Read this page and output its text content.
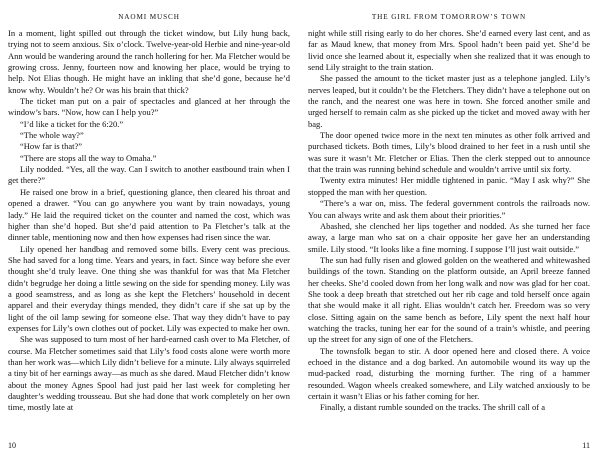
NAOMI MUSCH

In a moment, light spilled out through the ticket window, but Lily hung back, trying not to seem anxious. Six o’clock. Twelve-year-old Herbie and nine-year-old Ann would be wandering around the ranch hollering for her. Ma Fletcher would be growing cross. Jenny, fourteen now and knowing her place, would be trying to help. Not Elias though. He might have an inkling that she’d gone, because he’d know why. Wouldn’t he? Or was his brain that thick?

The ticket man put on a pair of spectacles and glanced at her through the window’s bars. “Now, how can I help you?”

“I’d like a ticket for the 6:20.”

“The whole way?”

“How far is that?”

“There are stops all the way to Omaha.”

Lily nodded. “Yes, all the way. Can I switch to another eastbound train when I get there?”

He raised one brow in a brief, questioning glance, then cleared his throat and opened a drawer. “You can go anywhere you want by train nowadays, young lady.” He laid the required ticket on the counter and named the cost, which was higher than she’d hoped. But she’d paid attention to Pa Fletcher’s talk at the dinner table, mentioning now and then how expenses had risen since the war.

Lily opened her handbag and removed some bills. Every cent was precious. She had saved for a long time. Years and years, in fact. Since way before she ever thought she’d truly leave. One thing she was thankful for was that Ma Fletcher didn’t begrudge her doing a little sewing on the side for spending money. Lily was a good seamstress, and as long as she kept the Fletchers’ household in decent apparel and their everyday things mended, they didn’t care if she sat up by the light of the oil lamp sewing for someone else. That way they didn’t have to pay expenses for Lily’s own clothes out of pocket. Lily was expected to make her own.

She was supposed to turn most of her hard-earned cash over to Ma Fletcher, of course. Ma Fletcher sometimes said that Lily’s food costs alone were worth more than her work was—which Lily didn’t believe for a minute. Lily always squirreled a tiny bit of her earnings away—as much as she dared. Maud Fletcher didn’t know about the money Agnes Spool had just paid her last week for completing her daughter’s wedding trousseau. But she had done that work completely on her own time, mostly late at

10
THE GIRL FROM TOMORROW’S TOWN

night while still rising early to do her chores. She’d earned every last cent, and as far as Maud knew, that money from Mrs. Spool hadn’t been paid yet. She’d be livid once she learned about it, especially when she realized that it was enough to send Lily straight to the train station.

She passed the amount to the ticket master just as a telephone jangled. Lily’s nerves leaped, but it couldn’t be the Fletchers. They didn’t have a telephone out on the ranch, and the nearest one was here in town. She forced another smile and urged herself to remain calm as she picked up the ticket and moved away with her bag.

The door opened twice more in the next ten minutes as other folk arrived and purchased tickets. Both times, Lily’s blood drained to her feet in a rush until she was sure it wasn’t Mr. Fletcher or Elias. Then the clerk stepped out to announce that the train was running behind schedule and wouldn’t arrive until six forty.

Twenty extra minutes! Her middle tightened in panic. “May I ask why?” She stopped the man with her question.

“There’s a war on, miss. The federal government controls the railroads now. You can always write and ask them about their priorities.”

Abashed, she clenched her lips together and nodded. As she turned her face away, a large man who sat on a chair opposite her gave her an understanding smile. Lily stood. “It looks like a fine morning. I suppose I’ll just wait outside.”

The sun had fully risen and glowed golden on the weathered and whitewashed buildings of the town. Standing on the platform outside, an April breeze fanned her cheeks. She’d cooled down from her long walk and now was glad for her coat. She took a deep breath that stretched out her rib cage and told herself once again that she would make it all right. Elias wouldn’t catch her. Freedom was so very close. Sitting again on the same bench as before, Lily spent the next half hour watching the tracks, tuning her ear for the sound of a train’s whistle, and peering up the street for any sign of one of the Fletchers.

The townsfolk began to stir. A door opened here and closed there. A voice echoed in the distance and a dog barked. An automobile wound its way up the mud-packed road, disturbing the morning further. The ring of a hammer resounded. Wagon wheels creaked somewhere, and Lily watched anxiously to be certain it wasn’t Elias or his father coming for her.

Finally, a distant rumble sounded on the tracks. The shrill call of a

11
